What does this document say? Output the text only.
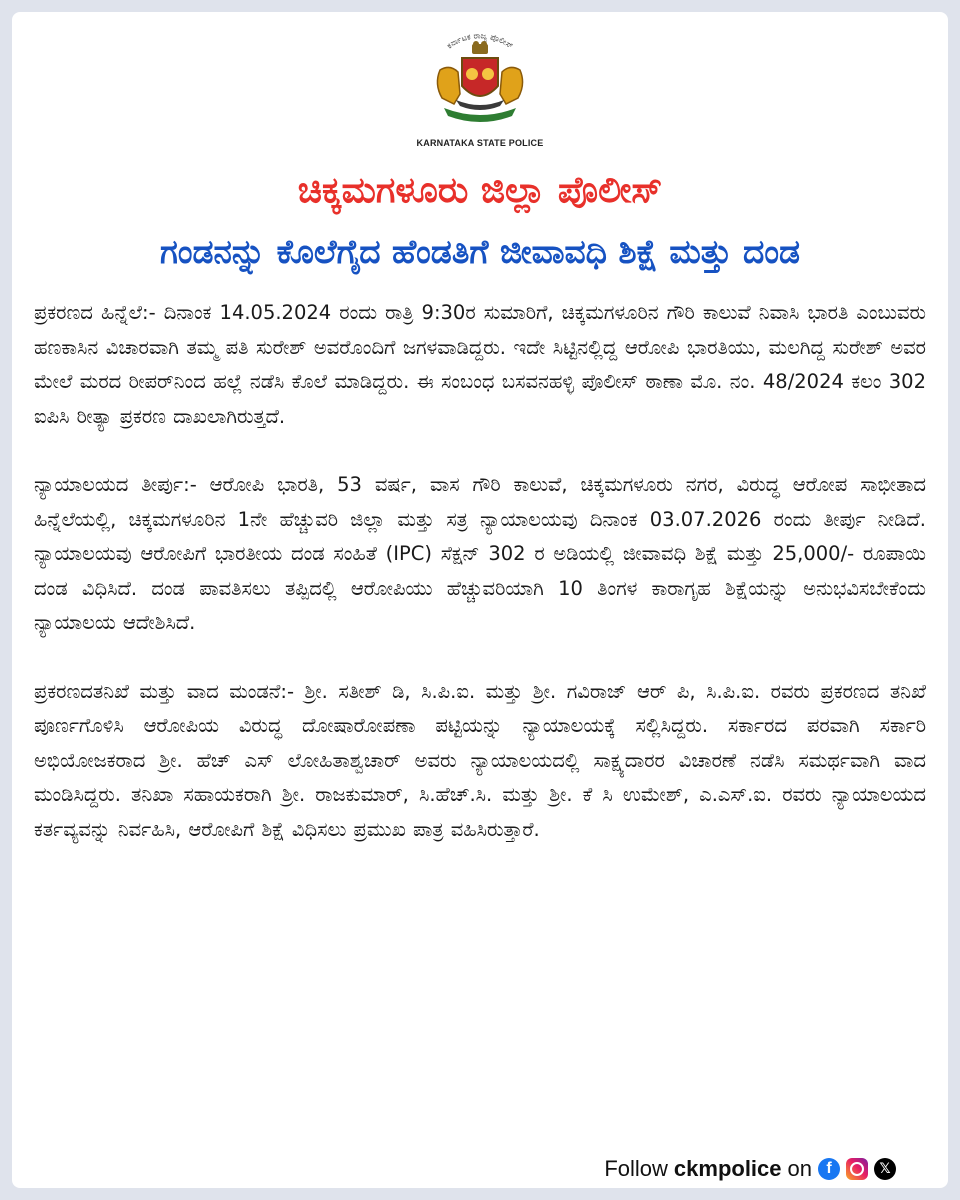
ಕರ್ನಾಟಕ ರಾಜ್ಯ ಪೊಲೀಸ್
KARNATAKA STATE POLICE
ಚಿಕ್ಕಮಗಳೂರು ಜಿಲ್ಲಾ ಪೊಲೀಸ್
ಗಂಡನನ್ನು ಕೊಲೆಗೈದ ಹೆಂಡತಿಗೆ ಜೀವಾವಧಿ ಶಿಕ್ಷೆ ಮತ್ತು ದಂಡ

ಪ್ರಕರಣದ ಹಿನ್ನೆಲೆ:- ದಿನಾಂಕ 14.05.2024 ರಂದು ರಾತ್ರಿ 9:30ರ ಸುಮಾರಿಗೆ, ಚಿಕ್ಕಮಗಳೂರಿನ ಗೌರಿ ಕಾಲುವೆ ನಿವಾಸಿ ಭಾರತಿ ಎಂಬುವರು ಹಣಕಾಸಿನ ವಿಚಾರವಾಗಿ ತಮ್ಮ ಪತಿ ಸುರೇಶ್ ಅವರೊಂದಿಗೆ ಜಗಳವಾಡಿದ್ದರು. ಇದೇ ಸಿಟ್ಟಿನಲ್ಲಿದ್ದ ಆರೋಪಿ ಭಾರತಿಯು, ಮಲಗಿದ್ದ ಸುರೇಶ್ ಅವರ ಮೇಲೆ ಮರದ ರೀಪರ್‌ನಿಂದ ಹಲ್ಲೆ ನಡೆಸಿ ಕೊಲೆ ಮಾಡಿದ್ದರು. ಈ ಸಂಬಂಧ ಬಸವನಹಳ್ಳಿ ಪೊಲೀಸ್ ಠಾಣಾ ಮೊ. ನಂ. 48/2024 ಕಲಂ 302 ಐಪಿಸಿ ರೀತ್ಯಾ ಪ್ರಕರಣ ದಾಖಲಾಗಿರುತ್ತದೆ.

ನ್ಯಾಯಾಲಯದ ತೀರ್ಪು:- ಆರೋಪಿ ಭಾರತಿ, 53 ವರ್ಷ, ವಾಸ ಗೌರಿ ಕಾಲುವೆ, ಚಿಕ್ಕಮಗಳೂರು ನಗರ, ವಿರುದ್ಧ ಆರೋಪ ಸಾಭೀತಾದ ಹಿನ್ನೆಲೆಯಲ್ಲಿ, ಚಿಕ್ಕಮಗಳೂರಿನ 1ನೇ ಹೆಚ್ಚುವರಿ ಜಿಲ್ಲಾ ಮತ್ತು ಸತ್ರ ನ್ಯಾಯಾಲಯವು ದಿನಾಂಕ 03.07.2026 ರಂದು ತೀರ್ಪು ನೀಡಿದೆ. ನ್ಯಾಯಾಲಯವು ಆರೋಪಿಗೆ ಭಾರತೀಯ ದಂಡ ಸಂಹಿತೆ (IPC) ಸೆಕ್ಷನ್ 302 ರ ಅಡಿಯಲ್ಲಿ ಜೀವಾವಧಿ ಶಿಕ್ಷೆ ಮತ್ತು 25,000/- ರೂಪಾಯಿ ದಂಡ ವಿಧಿಸಿದೆ. ದಂಡ ಪಾವತಿಸಲು ತಪ್ಪಿದಲ್ಲಿ ಆರೋಪಿಯು ಹೆಚ್ಚುವರಿಯಾಗಿ 10 ತಿಂಗಳ ಕಾರಾಗೃಹ ಶಿಕ್ಷೆಯನ್ನು ಅನುಭವಿಸಬೇಕೆಂದು ನ್ಯಾಯಾಲಯ ಆದೇಶಿಸಿದೆ.

ಪ್ರಕರಣದತನಿಖೆ ಮತ್ತು ವಾದ ಮಂಡನೆ:- ಶ್ರೀ. ಸತೀಶ್ ಡಿ, ಸಿ.ಪಿ.ಐ. ಮತ್ತು ಶ್ರೀ. ಗವಿರಾಜ್ ಆರ್ ಪಿ, ಸಿ.ಪಿ.ಐ. ರವರು ಪ್ರಕರಣದ ತನಿಖೆ ಪೂರ್ಣಗೊಳಿಸಿ ಆರೋಪಿಯ ವಿರುದ್ಧ ದೋಷಾರೋಪಣಾ ಪಟ್ಟಿಯನ್ನು ನ್ಯಾಯಾಲಯಕ್ಕೆ ಸಲ್ಲಿಸಿದ್ದರು. ಸರ್ಕಾರದ ಪರವಾಗಿ ಸರ್ಕಾರಿ ಅಭಿಯೋಜಕರಾದ ಶ್ರೀ. ಹೆಚ್ ಎಸ್ ಲೋಹಿತಾಶ್ವಚಾರ್ ಅವರು ನ್ಯಾಯಾಲಯದಲ್ಲಿ ಸಾಕ್ಷ್ಯದಾರರ ವಿಚಾರಣೆ ನಡೆಸಿ ಸಮರ್ಥವಾಗಿ ವಾದ ಮಂಡಿಸಿದ್ದರು. ತನಿಖಾ ಸಹಾಯಕರಾಗಿ ಶ್ರೀ. ರಾಜಕುಮಾರ್, ಸಿ.ಹೆಚ್.ಸಿ. ಮತ್ತು ಶ್ರೀ. ಕೆ ಸಿ ಉಮೇಶ್, ಎ.ಎಸ್.ಐ. ರವರು ನ್ಯಾಯಾಲಯದ ಕರ್ತವ್ಯವನ್ನು ನಿರ್ವಹಿಸಿ, ಆರೋಪಿಗೆ ಶಿಕ್ಷೆ ವಿಧಿಸಲು ಪ್ರಮುಖ ಪಾತ್ರ ವಹಿಸಿರುತ್ತಾರೆ.

Follow ckmpolice on f	𝕏
